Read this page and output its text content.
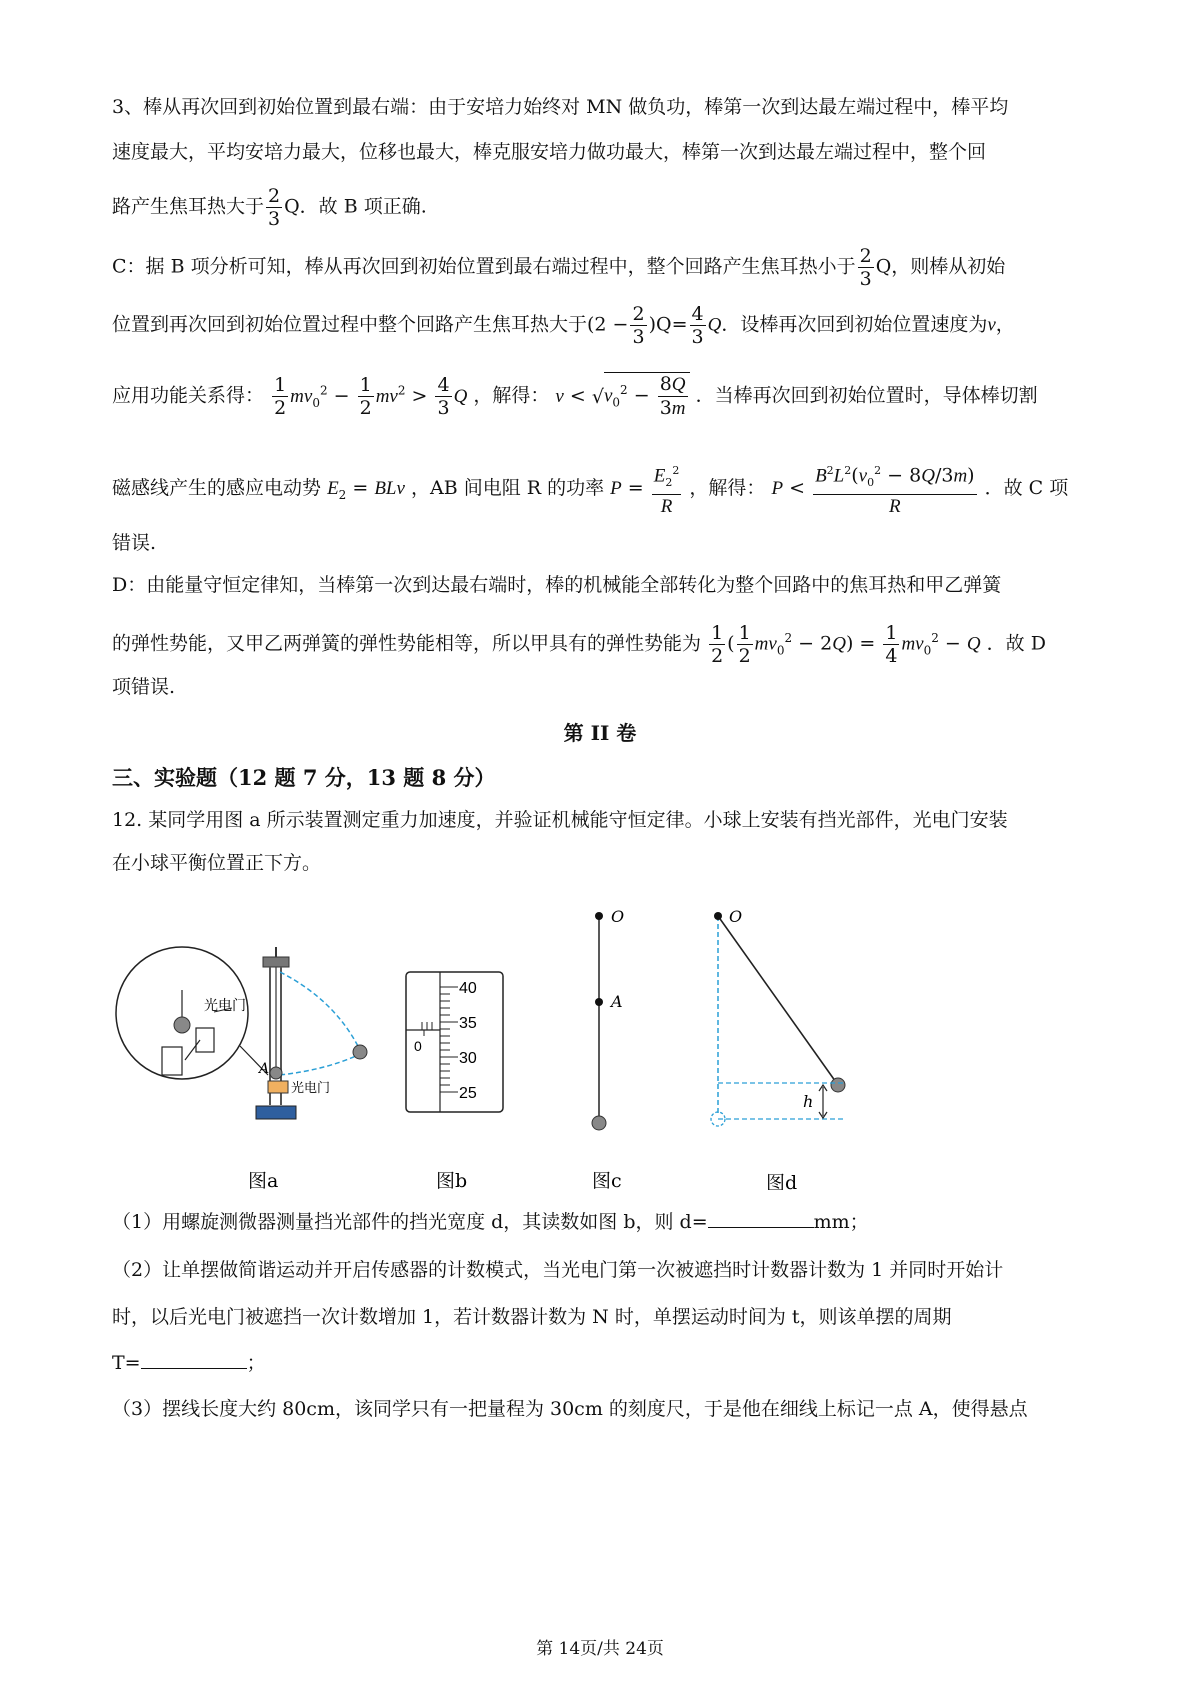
3、棒从再次回到初始位置到最右端：由于安培力始终对 MN 做负功，棒第一次到达最左端过程中，棒平均
速度最大，平均安培力最大，位移也最大，棒克服安培力做功最大，棒第一次到达最左端过程中，整个回
路产生焦耳热大于 $\frac{2}{3}$ Q．故 B 项正确.
C：据 B 项分析可知，棒从再次回到初始位置到最右端过程中，整个回路产生焦耳热小于 $\frac{2}{3}$ Q，则棒从初始
位置到再次回到初始位置过程中整个回路产生焦耳热大于$(2 - \frac{2}{3} )Q= \frac{4}{3}$ Q．设棒再次回到初始位置速度为v，
应用功能关系得： $\frac{1}{2} mv_0^2 - \frac{1}{2} mv^2 > \frac{4}{3}$ Q ，解得： $v < √v_0^2 - \frac{8Q}{3m}$ ．当棒再次回到初始位置时，导体棒切割
磁感线产生的感应电动势 $E_2$ = BLv ，AB 间电阻 R 的功率 $P = \frac{E_2^2}{R}$ ，解得： $P < \frac{B^2L^2(v_0^2 - 8Q/3m)}{R}$ ．故 C 项
错误.
D：由能量守恒定律知，当棒第一次到达最右端时，棒的机械能全部转化为整个回路中的焦耳热和甲乙弹簧
的弹性势能，又甲乙两弹簧的弹性势能相等，所以甲具有的弹性势能为 $\frac{1}{2}$ ( $\frac{1}{2} mv_0^2 - 2Q) = \frac{1}{4} mv_0^2 - Q$ ．故 D
项错误.
第 II 卷
三、实验题（12 题 7 分，13 题 8 分）
12. 某同学用图 a 所示装置测定重力加速度，并验证机械能守恒定律。小球上安装有挡光部件，光电门安装
在小球平衡位置正下方。
光电门
光电门
A
图a
40
35
30
25
0
图b
O
A
图c
h
O
图d
（1）用螺旋测微器测量挡光部件的挡光宽度 d，其读数如图 b，则 d=	mm；
（2）让单摆做简谐运动并开启传感器的计数模式，当光电门第一次被遮挡时计数器计数为 1 并同时开始计
时，以后光电门被遮挡一次计数增加 1，若计数器计数为 N 时，单摆运动时间为 t，则该单摆的周期
T=	；
（3）摆线长度大约 80cm，该同学只有一把量程为 30cm 的刻度尺，于是他在细线上标记一点 A，使得悬点
第 14页/共 24页
